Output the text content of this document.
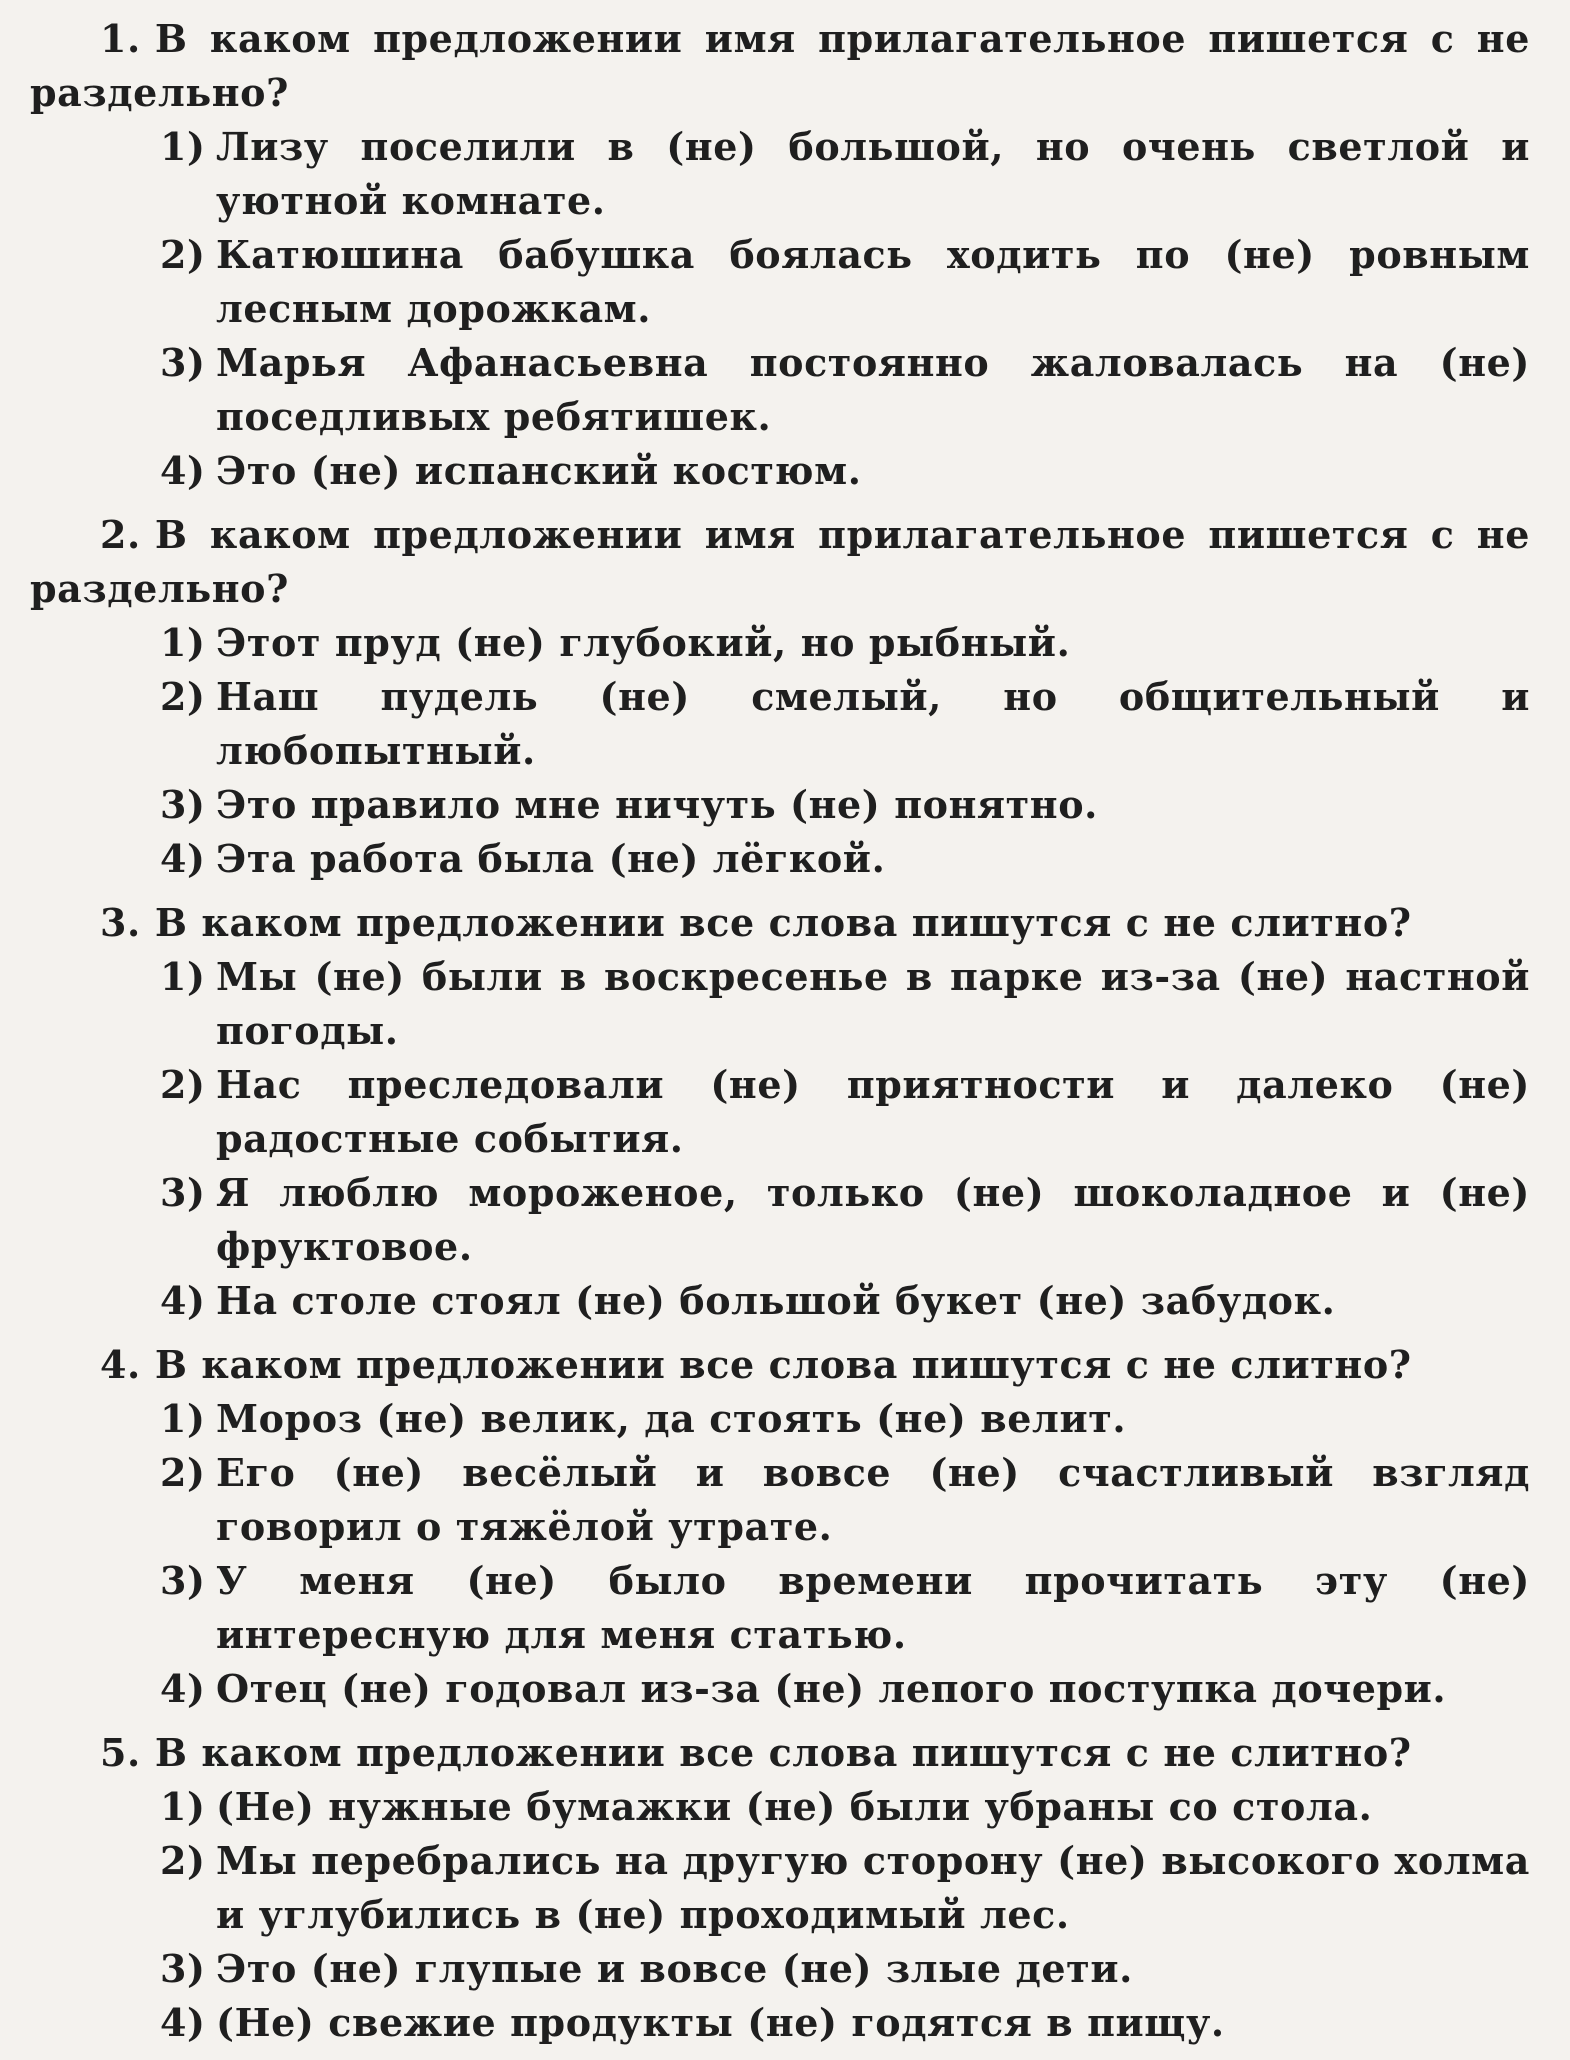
1. В каком предложении имя прилагательное пишется с не раздельно?

1) Лизу поселили в (не) большой, но очень светлой и уютной комнате.
2) Катюшина бабушка боялась ходить по (не) ровным лесным дорожкам.
3) Марья Афанасьевна постоянно жаловалась на (не) поседливых ребятишек.
4) Это (не) испанский костюм.

2. В каком предложении имя прилагательное пишется с не раздельно?

1) Этот пруд (не) глубокий, но рыбный.
2) Наш пудель (не) смелый, но общительный и любопытный.
3) Это правило мне ничуть (не) понятно.
4) Эта работа была (не) лёгкой.

3. В каком предложении все слова пишутся с не слитно?

1) Мы (не) были в воскресенье в парке из-за (не) настной погоды.
2) Нас преследовали (не) приятности и далеко (не) радостные события.
3) Я люблю мороженое, только (не) шоколадное и (не) фруктовое.
4) На столе стоял (не) большой букет (не) забудок.

4. В каком предложении все слова пишутся с не слитно?

1) Мороз (не) велик, да стоять (не) велит.
2) Его (не) весёлый и вовсе (не) счастливый взгляд говорил о тяжёлой утрате.
3) У меня (не) было времени прочитать эту (не) интересную для меня статью.
4) Отец (не) годовал из-за (не) лепого поступка дочери.

5. В каком предложении все слова пишутся с не слитно?

1) (Не) нужные бумажки (не) были убраны со стола.
2) Мы перебрались на другую сторону (не) высокого холма и углубились в (не) проходимый лес.
3) Это (не) глупые и вовсе (не) злые дети.
4) (Не) свежие продукты (не) годятся в пищу.
